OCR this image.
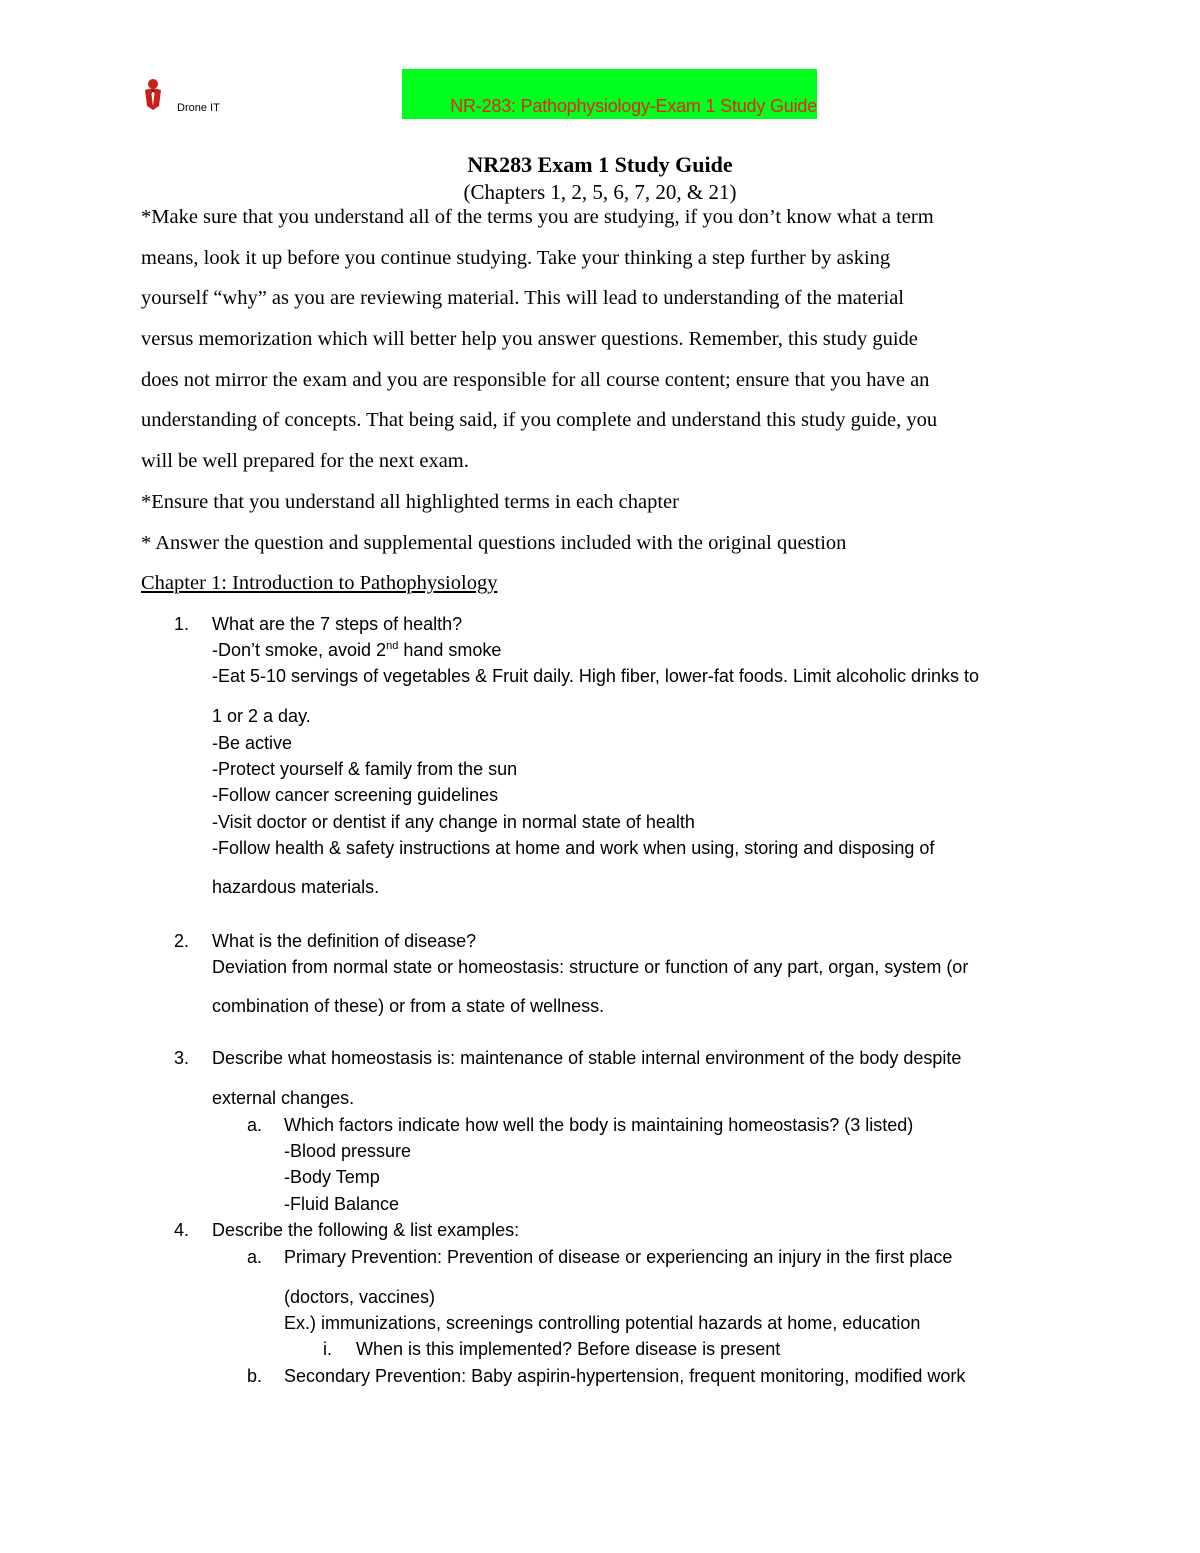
Drone IT	NR-283: Pathophysiology-Exam 1 Study Guide
NR283 Exam 1 Study Guide
(Chapters 1, 2, 5, 6, 7, 20, & 21)
*Make sure that you understand all of the terms you are studying, if you don’t know what a term
means, look it up before you continue studying. Take your thinking a step further by asking
yourself “why” as you are reviewing material. This will lead to understanding of the material
versus memorization which will better help you answer questions. Remember, this study guide
does not mirror the exam and you are responsible for all course content; ensure that you have an
understanding of concepts. That being said, if you complete and understand this study guide, you
will be well prepared for the next exam.
*Ensure that you understand all highlighted terms in each chapter
* Answer the question and supplemental questions included with the original question
Chapter 1: Introduction to Pathophysiology
1. What are the 7 steps of health?
-Don’t smoke, avoid 2nd hand smoke
-Eat 5-10 servings of vegetables & Fruit daily. High fiber, lower-fat foods. Limit alcoholic drinks to
1 or 2 a day.
-Be active
-Protect yourself & family from the sun
-Follow cancer screening guidelines
-Visit doctor or dentist if any change in normal state of health
-Follow health & safety instructions at home and work when using, storing and disposing of
hazardous materials.
2. What is the definition of disease?
Deviation from normal state or homeostasis: structure or function of any part, organ, system (or
combination of these) or from a state of wellness.
3. Describe what homeostasis is: maintenance of stable internal environment of the body despite
external changes.
a. Which factors indicate how well the body is maintaining homeostasis? (3 listed)
-Blood pressure
-Body Temp
-Fluid Balance
4. Describe the following & list examples:
a. Primary Prevention: Prevention of disease or experiencing an injury in the first place
(doctors, vaccines)
Ex.) immunizations, screenings controlling potential hazards at home, education
i. When is this implemented? Before disease is present
b. Secondary Prevention: Baby aspirin-hypertension, frequent monitoring, modified work
